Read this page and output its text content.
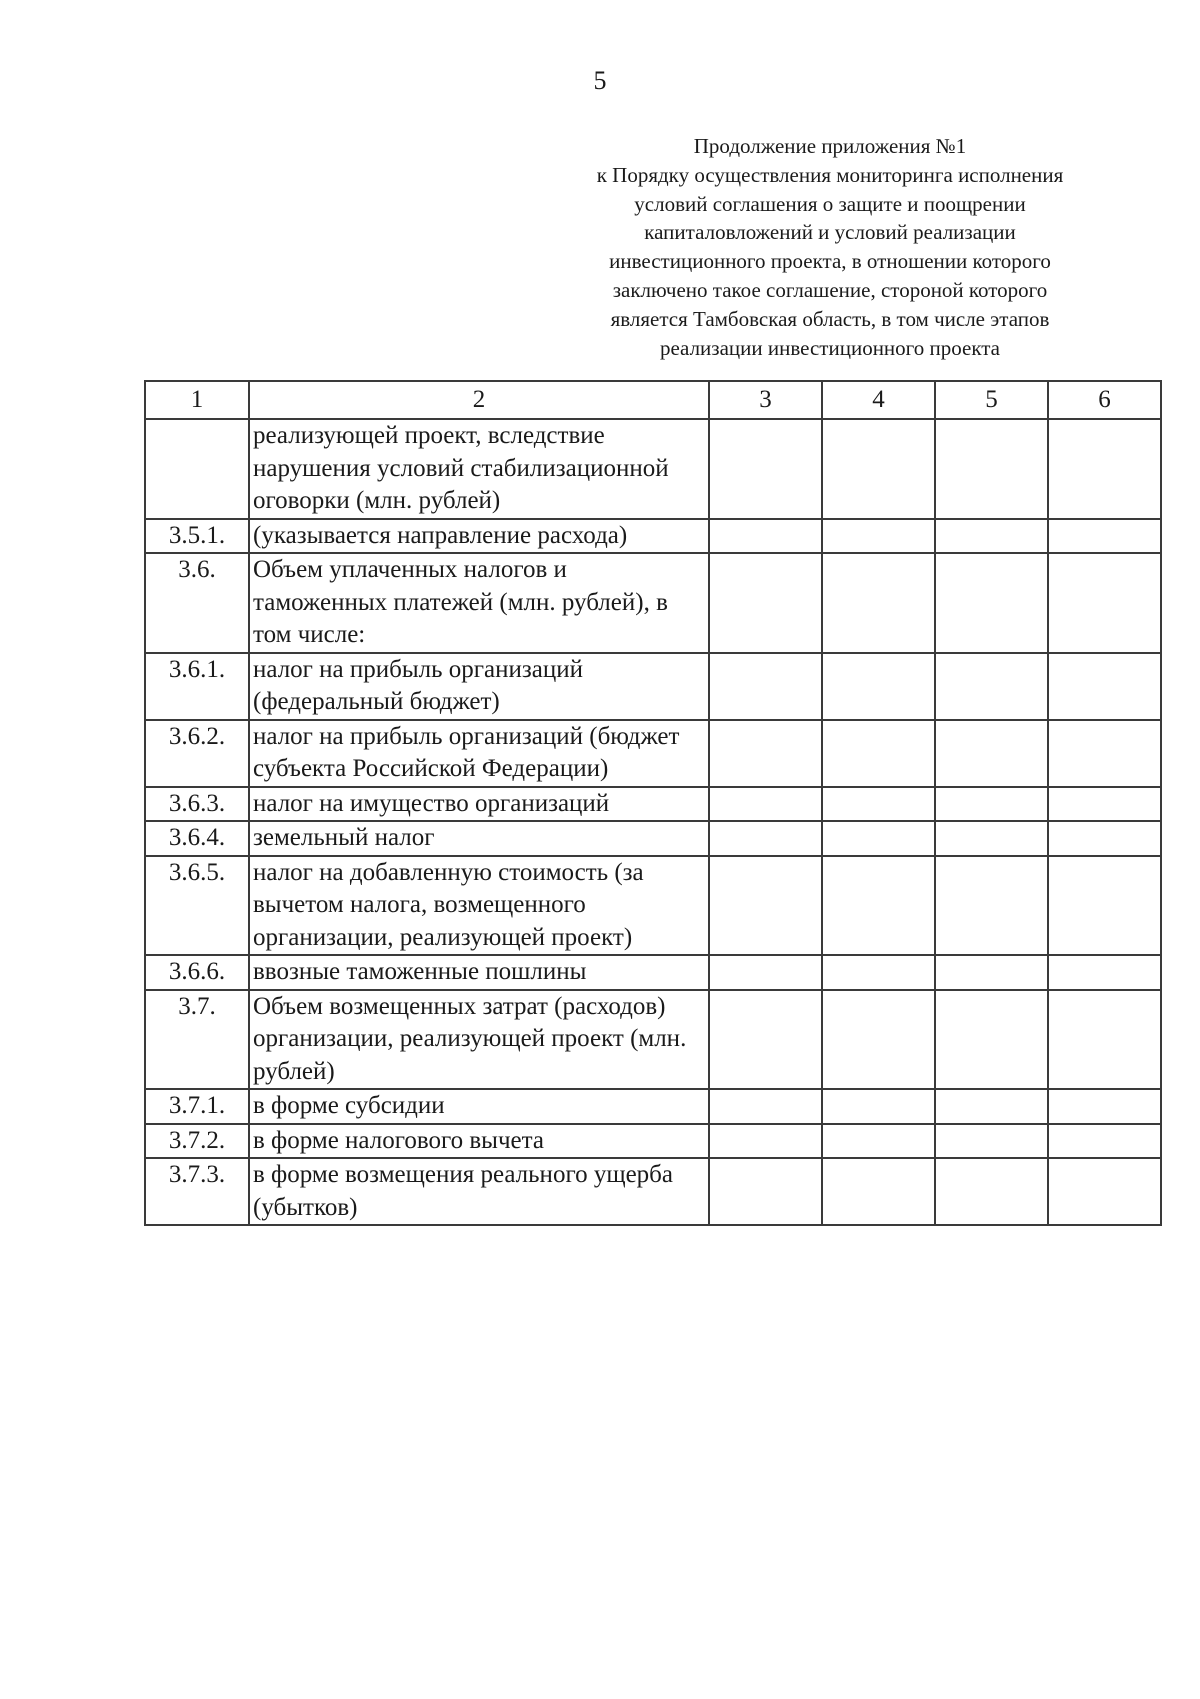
5
Продолжение приложения №1
к Порядку осуществления мониторинга исполнения
условий соглашения о защите и поощрении
капиталовложений и условий реализации
инвестиционного проекта, в отношении которого
заключено такое соглашение, стороной которого
является Тамбовская область, в том числе этапов
реализации инвестиционного проекта
1	2	3	4	5	6
	реализующей проект, вследствие нарушения условий стабилизационной оговорки (млн. рублей)				
3.5.1.	(указывается направление расхода)				
3.6.	Объем уплаченных налогов и таможенных платежей (млн. рублей), в том числе:				
3.6.1.	налог на прибыль организаций (федеральный бюджет)				
3.6.2.	налог на прибыль организаций (бюджет субъекта Российской Федерации)				
3.6.3.	налог на имущество организаций				
3.6.4.	земельный налог				
3.6.5.	налог на добавленную стоимость (за вычетом налога, возмещенного организации, реализующей проект)				
3.6.6.	ввозные таможенные пошлины				
3.7.	Объем возмещенных затрат (расходов) организации, реализующей проект (млн. рублей)				
3.7.1.	в форме субсидии				
3.7.2.	в форме налогового вычета				
3.7.3.	в форме возмещения реального ущерба (убытков)				
